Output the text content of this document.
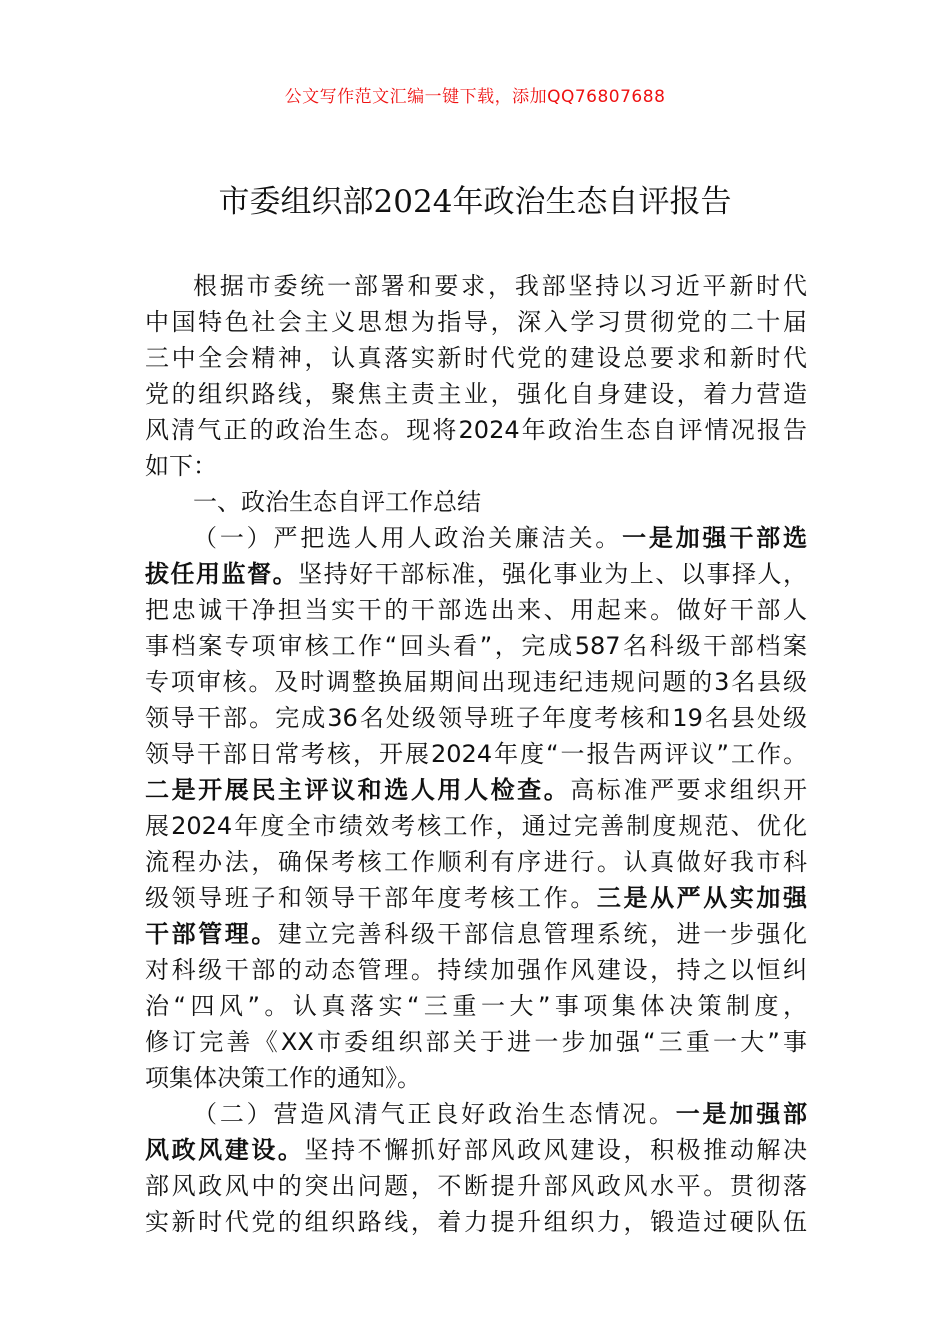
公文写作范文汇编一键下载，添加QQ76807688
市委组织部2024年政治生态自评报告
根据市委统一部署和要求，我部坚持以习近平新时代
中国特色社会主义思想为指导，深入学习贯彻党的二十届
三中全会精神，认真落实新时代党的建设总要求和新时代
党的组织路线，聚焦主责主业，强化自身建设，着力营造
风清气正的政治生态。现将2024年政治生态自评情况报告
如下：
一、政治生态自评工作总结
（一）严把选人用人政治关廉洁关。一是加强干部选
拔任用监督。坚持好干部标准，强化事业为上、以事择人，
把忠诚干净担当实干的干部选出来、用起来。做好干部人
事档案专项审核工作“回头看”，完成587名科级干部档案
专项审核。及时调整换届期间出现违纪违规问题的3名县级
领导干部。完成36名处级领导班子年度考核和19名县处级
领导干部日常考核，开展2024年度“一报告两评议”工作。
二是开展民主评议和选人用人检查。高标准严要求组织开
展2024年度全市绩效考核工作，通过完善制度规范、优化
流程办法，确保考核工作顺利有序进行。认真做好我市科
级领导班子和领导干部年度考核工作。三是从严从实加强
干部管理。建立完善科级干部信息管理系统，进一步强化
对科级干部的动态管理。持续加强作风建设，持之以恒纠
治“四风”。认真落实“三重一大”事项集体决策制度，
修订完善《XX市委组织部关于进一步加强“三重一大”事
项集体决策工作的通知》。
（二）营造风清气正良好政治生态情况。一是加强部
风政风建设。坚持不懈抓好部风政风建设，积极推动解决
部风政风中的突出问题，不断提升部风政风水平。贯彻落
实新时代党的组织路线，着力提升组织力，锻造过硬队伍
